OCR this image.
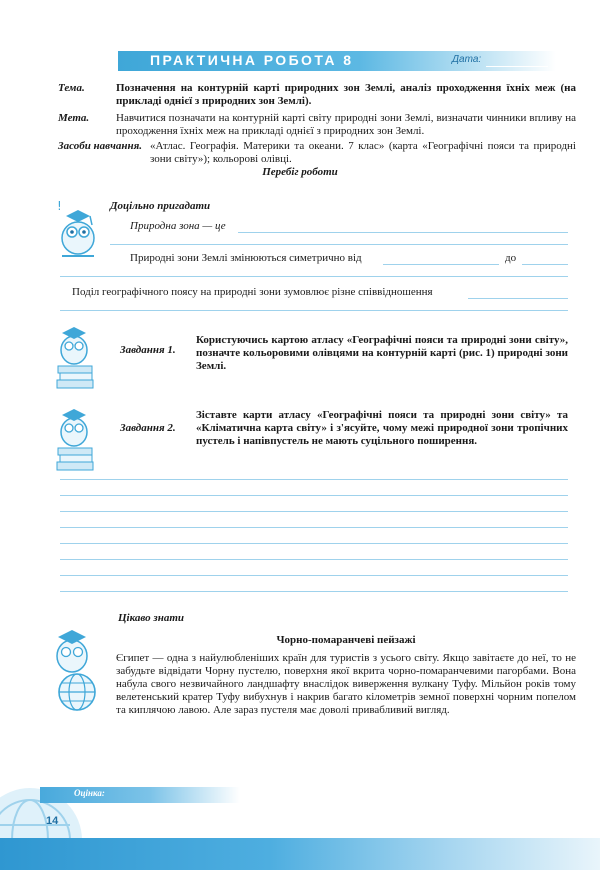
ПРАКТИЧНА РОБОТА 8	Дата:
Тема.	Позначення на контурній карті природних зон Землі, аналіз проходження їхніх меж (на прикладі однієї з природних зон Землі).
Мета. Навчитися позначати на контурній карті світу природні зони Землі, визначати чинники впливу на проходження їхніх меж на прикладі однієї з природних зон Землі.
Засоби навчання. «Атлас. Географія. Материки та океани. 7 клас» (карта «Географічні пояси та природні зони світу»); кольорові олівці.
Перебіг роботи
!	Доцільно пригадати
Природна зона — це
Природні зони Землі змінюються симетрично від	до
Поділ географічного поясу на природні зони зумовлює різне співвідношення
Завдання 1.
Користуючись картою атласу «Географічні пояси та природні зони світу», позначте кольоровими олівцями на контурній карті (рис. 1) природні зони Землі.
Завдання 2.
Зіставте карти атласу «Географічні пояси та природні зони світу» та «Кліматична карта світу» і з'ясуйте, чому межі природної зони тропічних пустель і напівпустель не мають суцільного поширення.
Цікаво знати
Чорно-помаранчеві пейзажі
Єгипет — одна з найулюбленіших країн для туристів з усього світу. Якщо завітаєте до неї, то не забудьте відвідати Чорну пустелю, поверхня якої вкрита чорно-помаранчевими пагорбами. Вона набула свого незвичайного ландшафту внаслідок виверження вулкану Туфу. Мільйон років тому велетенський кратер Туфу вибухнув і накрив багато кілометрів земної поверхні чорним попелом та киплячою лавою. Але зараз пустеля має доволі привабливий вигляд.
Оцінка:
14
